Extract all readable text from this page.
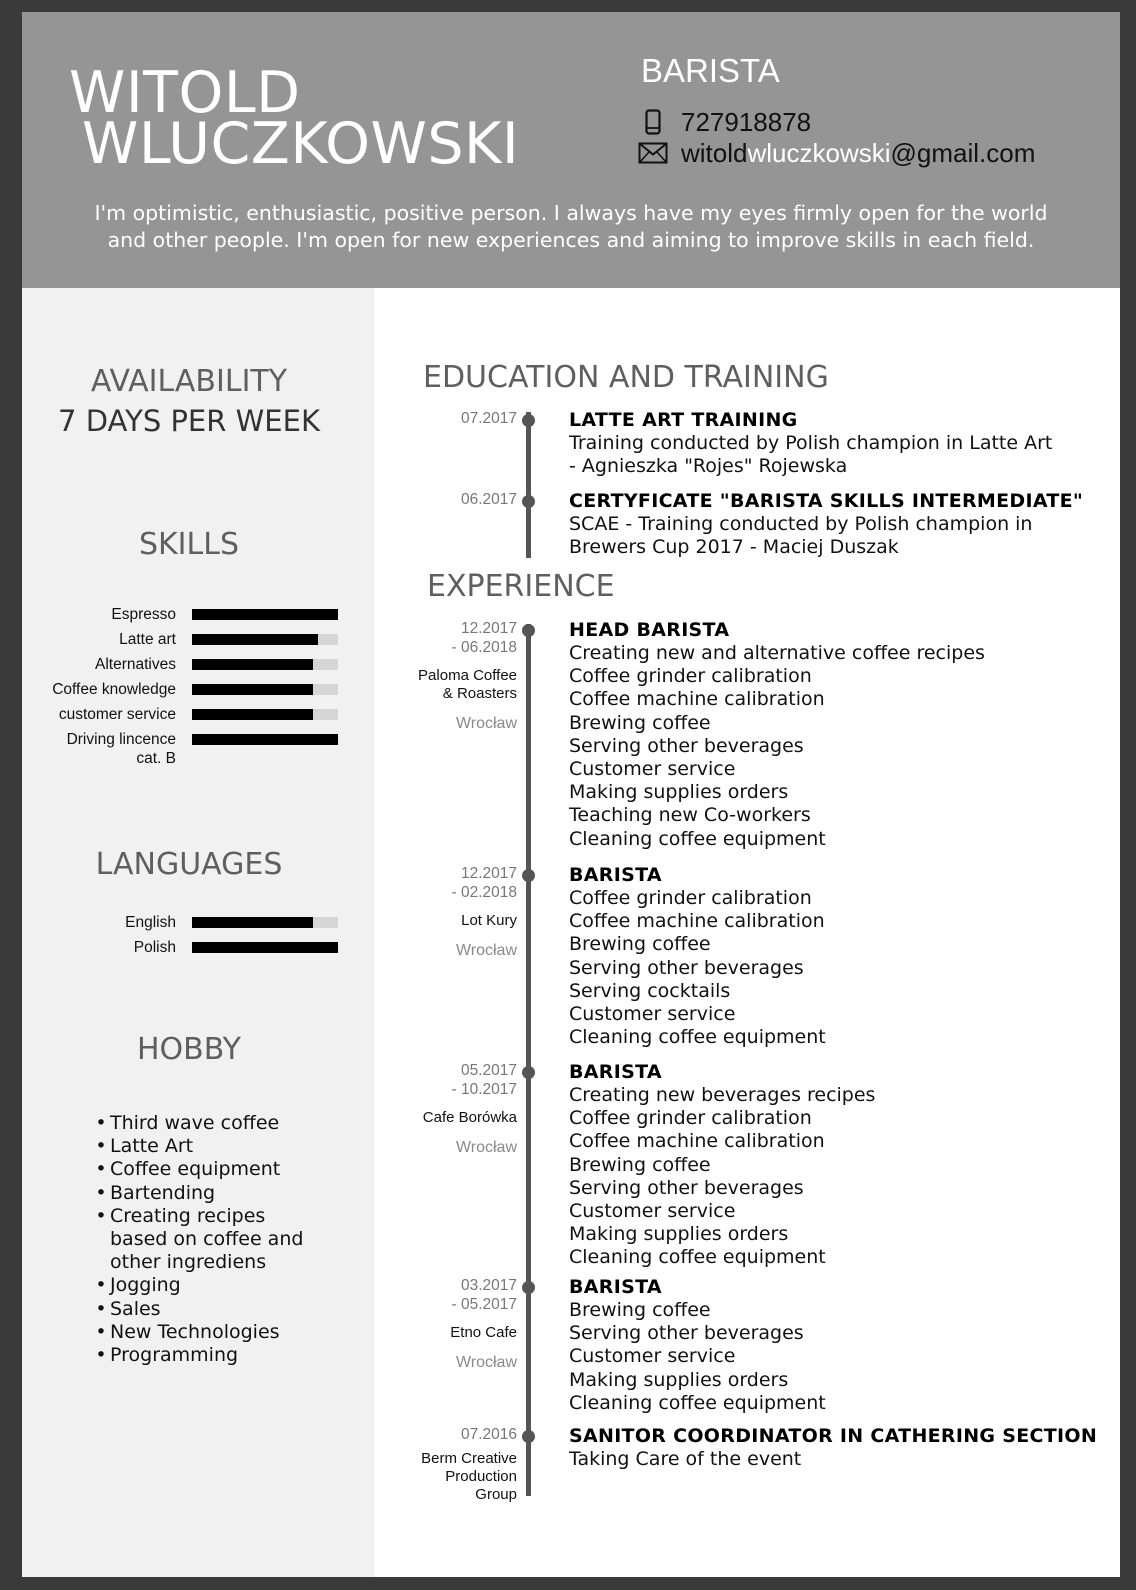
WITOLD
WLUCZKOWSKI
BARISTA
727918878
witoldwluczkowski@gmail.com
I'm optimistic, enthusiastic, positive person. I always have my eyes firmly open for the world
and other people. I'm open for new experiences and aiming to improve skills in each field.
AVAILABILITY
7 DAYS PER WEEK
SKILLS
Espresso
Latte art
Alternatives
Coffee knowledge
customer service
Driving lincence
cat. B
LANGUAGES
English
Polish
HOBBY
• Third wave coffee
• Latte Art
• Coffee equipment
• Bartending
• Creating recipes based on coffee and other ingrediens
• Jogging
• Sales
• New Technologies
• Programming
EDUCATION AND TRAINING
EXPERIENCE
07.2017	LATTE ART TRAINING
Training conducted by Polish champion in Latte Art
- Agnieszka "Rojes" Rojewska
06.2017	CERTYFICATE "BARISTA SKILLS INTERMEDIATE"
SCAE - Training conducted by Polish champion in
Brewers Cup 2017 - Maciej Duszak
12.2017
- 06.2018
Paloma Coffee
& Roasters
Wrocław
HEAD BARISTA
Creating new and alternative coffee recipes
Coffee grinder calibration
Coffee machine calibration
Brewing coffee
Serving other beverages
Customer service
Making supplies orders
Teaching new Co-workers
Cleaning coffee equipment
12.2017
- 02.2018
Lot Kury
Wrocław
BARISTA
Coffee grinder calibration
Coffee machine calibration
Brewing coffee
Serving other beverages
Serving cocktails
Customer service
Cleaning coffee equipment
05.2017
- 10.2017
Cafe Borówka
Wrocław
BARISTA
Creating new beverages recipes
Coffee grinder calibration
Coffee machine calibration
Brewing coffee
Serving other beverages
Customer service
Making supplies orders
Cleaning coffee equipment
03.2017
- 05.2017
Etno Cafe
Wrocław
BARISTA
Brewing coffee
Serving other beverages
Customer service
Making supplies orders
Cleaning coffee equipment
07.2016
Berm Creative
Production
Group
SANITOR COORDINATOR IN CATHERING SECTION
Taking Care of the event
